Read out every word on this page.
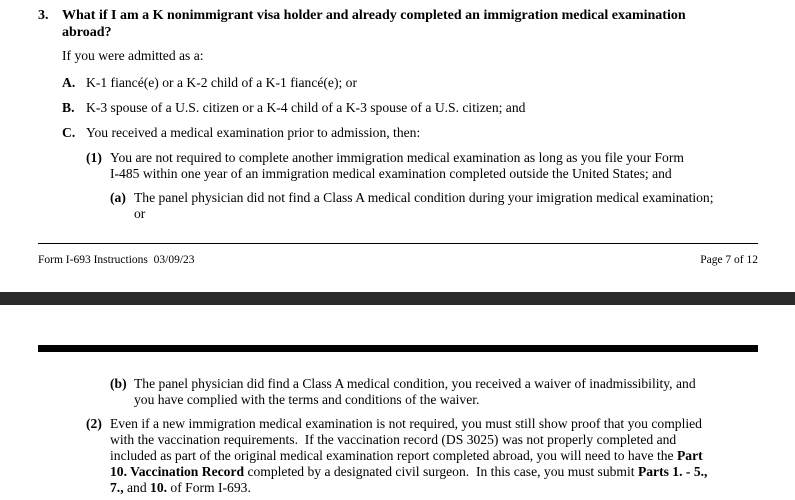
3. What if I am a K nonimmigrant visa holder and already completed an immigration medical examination
abroad?
If you were admitted as a:
A. K-1 fiancé(e) or a K-2 child of a K-1 fiancé(e); or
B. K-3 spouse of a U.S. citizen or a K-4 child of a K-3 spouse of a U.S. citizen; and
C. You received a medical examination prior to admission, then:
(1) You are not required to complete another immigration medical examination as long as you file your Form
I-485 within one year of an immigration medical examination completed outside the United States; and
(a) The panel physician did not find a Class A medical condition during your imigration medical examination;
or
Form I-693 Instructions  03/09/23	Page 7 of 12
(b) The panel physician did find a Class A medical condition, you received a waiver of inadmissibility, and
you have complied with the terms and conditions of the waiver.
(2) Even if a new immigration medical examination is not required, you must still show proof that you complied
with the vaccination requirements.  If the vaccination record (DS 3025) was not properly completed and
included as part of the original medical examination report completed abroad, you will need to have the Part
10. Vaccination Record completed by a designated civil surgeon.  In this case, you must submit Parts 1. - 5.,
7., and 10. of Form I-693.
